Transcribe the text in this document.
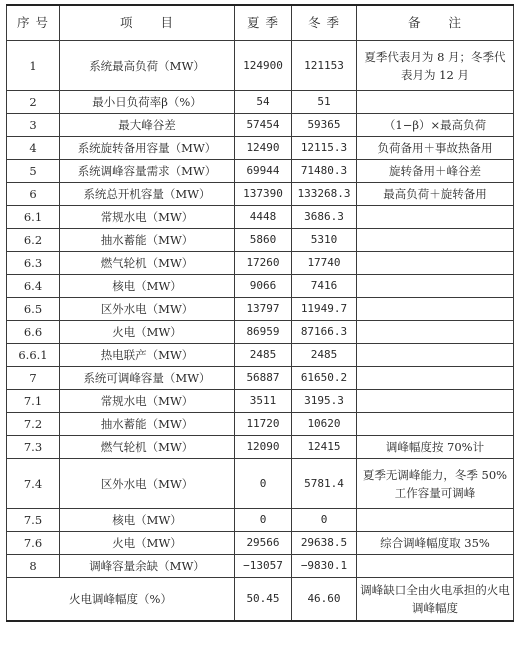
序 号	项　　目	夏 季	冬 季	备　　注
1	系统最高负荷（MW）	124900	121153	夏季代表月为 8 月；冬季代表月为 12 月
2	最小日负荷率β（%）	54	51	
3	最大峰谷差	57454	59365	（1−β）×最高负荷
4	系统旋转备用容量（MW）	12490	12115.3	负荷备用＋事故热备用
5	系统调峰容量需求（MW）	69944	71480.3	旋转备用＋峰谷差
6	系统总开机容量（MW）	137390	133268.3	最高负荷＋旋转备用
6.1	常规水电（MW）	4448	3686.3	
6.2	抽水蓄能（MW）	5860	5310	
6.3	燃气轮机（MW）	17260	17740	
6.4	核电（MW）	9066	7416	
6.5	区外水电（MW）	13797	11949.7	
6.6	火电（MW）	86959	87166.3	
6.6.1	热电联产（MW）	2485	2485	
7	系统可调峰容量（MW）	56887	61650.2	
7.1	常规水电（MW）	3511	3195.3	
7.2	抽水蓄能（MW）	11720	10620	
7.3	燃气轮机（MW）	12090	12415	调峰幅度按 70%计
7.4	区外水电（MW）	0	5781.4	夏季无调峰能力，冬季 50%工作容量可调峰
7.5	核电（MW）	0	0	
7.6	火电（MW）	29566	29638.5	综合调峰幅度取 35%
8	调峰容量余缺（MW）	−13057	−9830.1	
火电调峰幅度（%）		50.45	46.60	调峰缺口全由火电承担的火电调峰幅度
